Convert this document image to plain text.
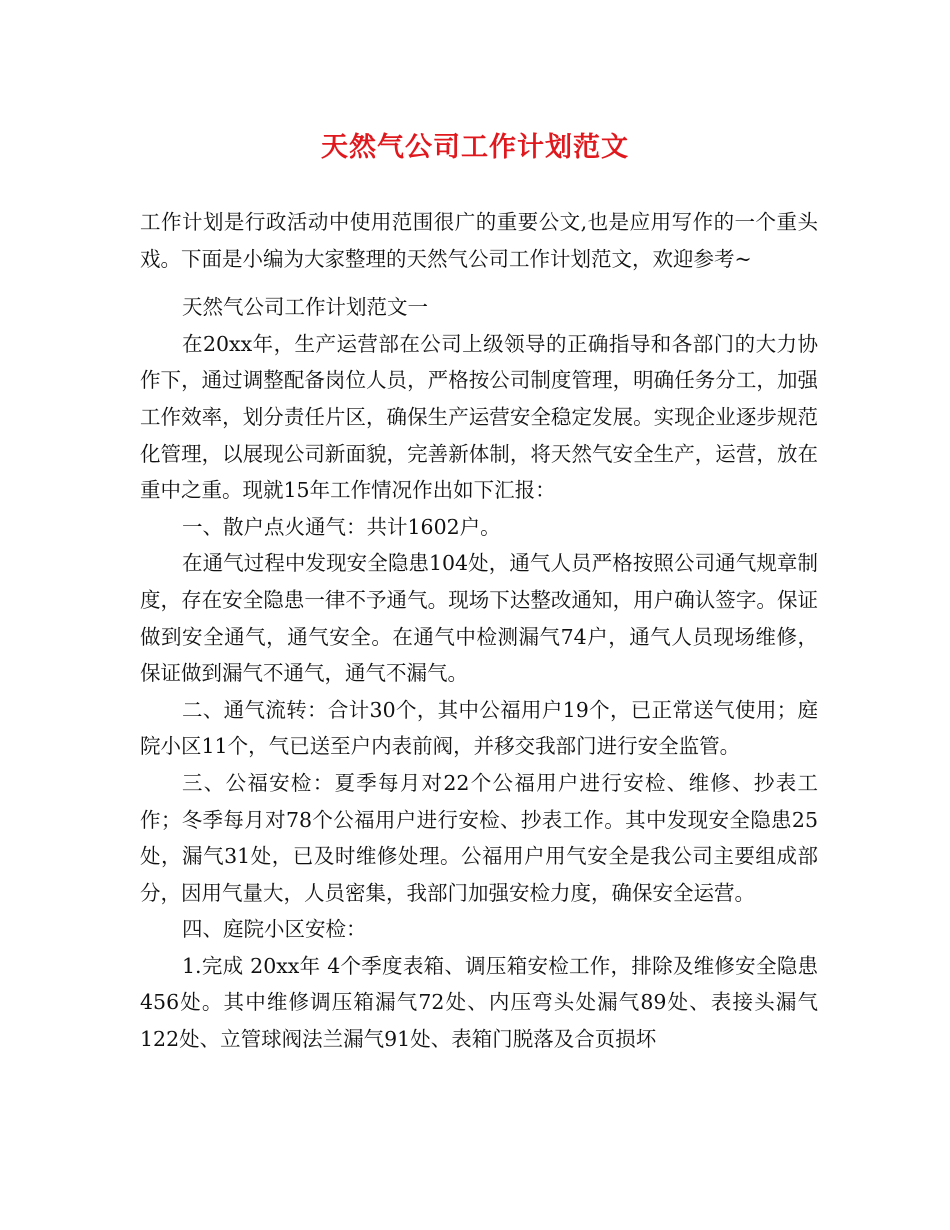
天然气公司工作计划范文

工作计划是行政活动中使用范围很广的重要公文,也是应用写作的一个重头戏。下面是小编为大家整理的天然气公司工作计划范文，欢迎参考~

天然气公司工作计划范文一

在20xx年，生产运营部在公司上级领导的正确指导和各部门的大力协作下，通过调整配备岗位人员，严格按公司制度管理，明确任务分工，加强工作效率，划分责任片区，确保生产运营安全稳定发展。实现企业逐步规范化管理，以展现公司新面貌，完善新体制，将天然气安全生产，运营，放在重中之重。现就15年工作情况作出如下汇报：

一、散户点火通气：共计1602户。

在通气过程中发现安全隐患104处，通气人员严格按照公司通气规章制度，存在安全隐患一律不予通气。现场下达整改通知，用户确认签字。保证做到安全通气，通气安全。在通气中检测漏气74户，通气人员现场维修，保证做到漏气不通气，通气不漏气。

二、通气流转：合计30个，其中公福用户19个，已正常送气使用；庭院小区11个，气已送至户内表前阀，并移交我部门进行安全监管。

三、公福安检：夏季每月对22个公福用户进行安检、维修、抄表工作；冬季每月对78个公福用户进行安检、抄表工作。其中发现安全隐患25处，漏气31处，已及时维修处理。公福用户用气安全是我公司主要组成部分，因用气量大，人员密集，我部门加强安检力度，确保安全运营。

四、庭院小区安检：

1.完成 20xx年 4个季度表箱、调压箱安检工作，排除及维修安全隐患456处。其中维修调压箱漏气72处、内压弯头处漏气89处、表接头漏气122处、立管球阀法兰漏气91处、表箱门脱落及合页损坏
